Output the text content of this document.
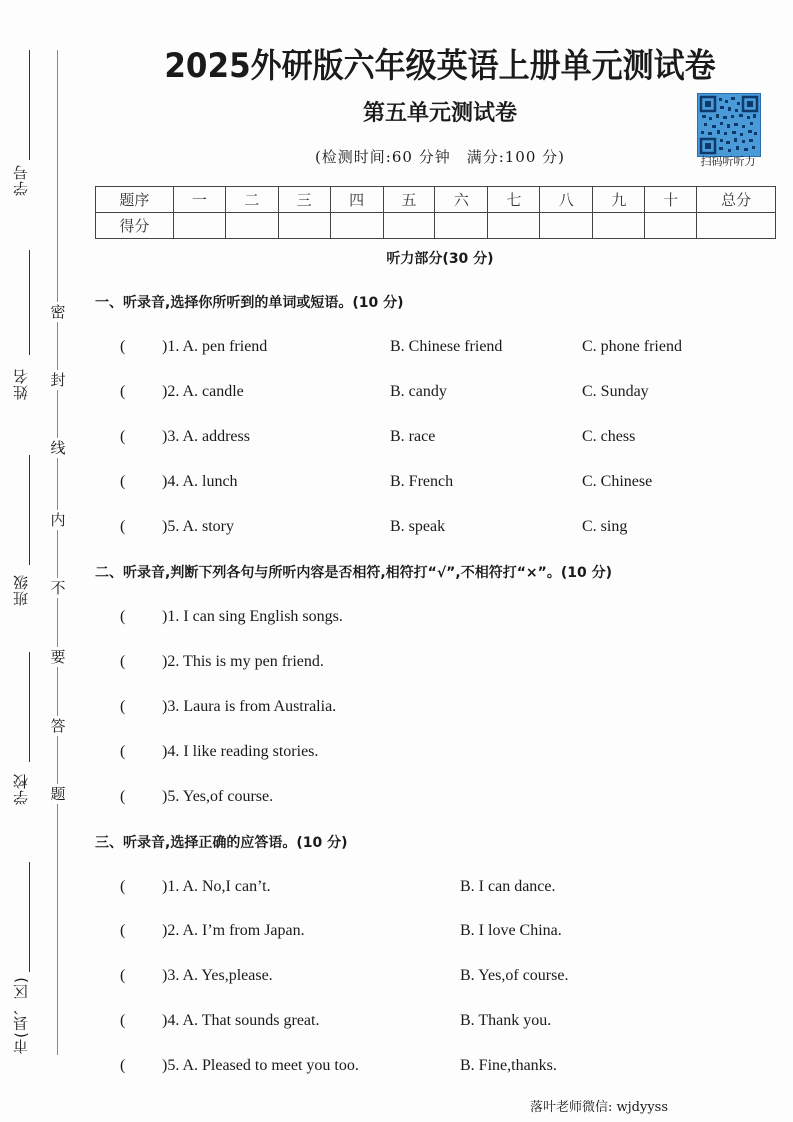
学号
姓名
班级
学校
市(县、区)
密
封
线
内
不
要
答
题
2025外研版六年级英语上册单元测试卷
第五单元测试卷
(检测时间:60 分钟　满分:100 分)	扫码听听力
题序	一	二	三	四	五	六	七	八	九	十	总分
得分											
听力部分(30 分)
一、听录音,选择你所听到的单词或短语。(10 分)
( )1. A. pen friend	B. Chinese friend	C. phone friend
( )2. A. candle	B. candy	C. Sunday
( )3. A. address	B. race	C. chess
( )4. A. lunch	B. French	C. Chinese
( )5. A. story	B. speak	C. sing
二、听录音,判断下列各句与所听内容是否相符,相符打“√”,不相符打“×”。(10 分)
( )1. I can sing English songs.
( )2. This is my pen friend.
( )3. Laura is from Australia.
( )4. I like reading stories.
( )5. Yes,of course.
三、听录音,选择正确的应答语。(10 分)
( )1. A. No,I can’t.	B. I can dance.
( )2. A. I’m from Japan.	B. I love China.
( )3. A. Yes,please.	B. Yes,of course.
( )4. A. That sounds great.	B. Thank you.
( )5. A. Pleased to meet you too.	B. Fine,thanks.
落叶老师微信: wjdyyss
